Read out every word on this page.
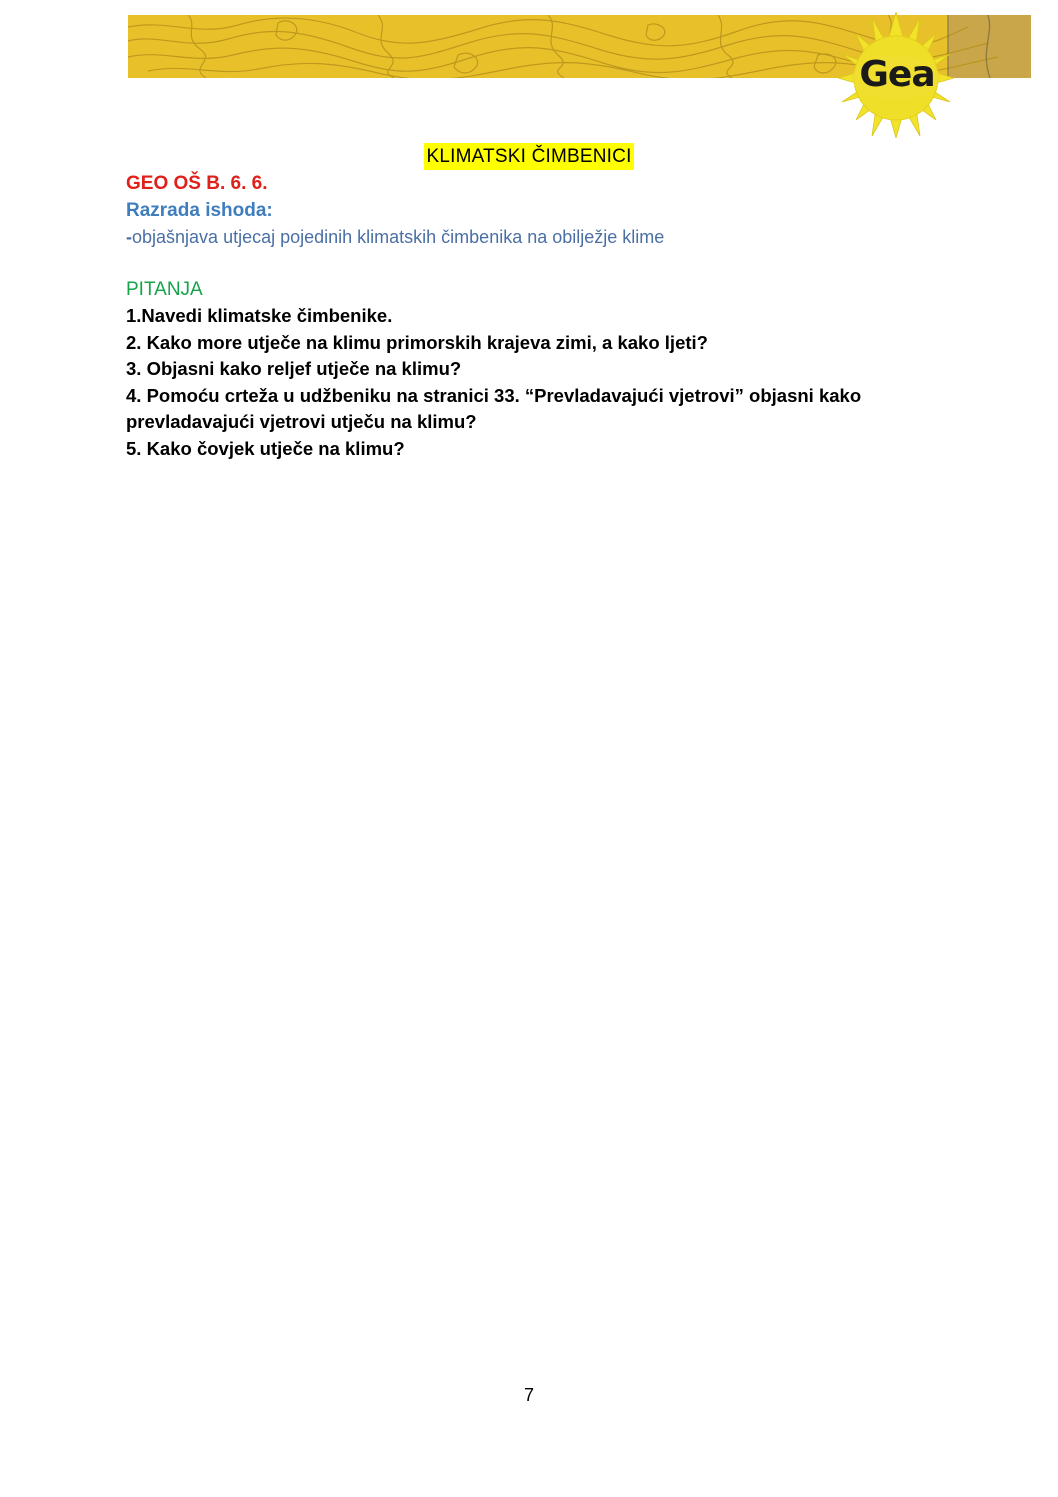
Gea
KLIMATSKI ČIMBENICI
GEO OŠ B. 6. 6.
Razrada ishoda:
-objašnjava utjecaj pojedinih klimatskih čimbenika na obilježje klime
PITANJA
1.Navedi klimatske čimbenike.
2. Kako more utječe na klimu primorskih krajeva zimi, a kako ljeti?
3. Objasni kako reljef utječe na klimu?
4. Pomoću crteža u udžbeniku na stranici 33. “Prevladavajući vjetrovi” objasni kako
prevladavajući vjetrovi utječu na klimu?
5. Kako čovjek utječe na klimu?
7
